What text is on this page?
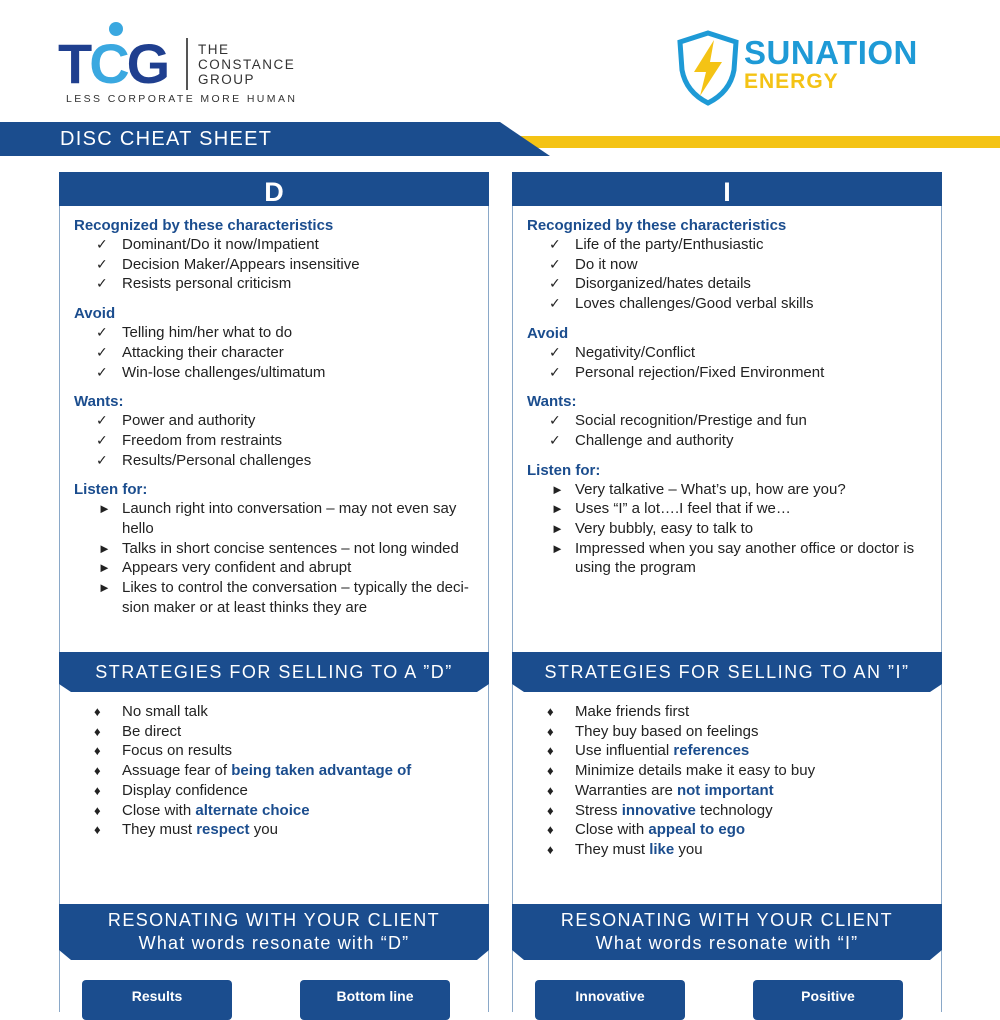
TCG THE
CONSTANCE
GROUP
LESS CORPORATE MORE HUMAN
SUNATION
ENERGY
DISC CHEAT SHEET
D
Recognized by these characteristics
✓ Dominant/Do it now/Impatient
✓ Decision Maker/Appears insensitive
✓ Resists personal criticism
Avoid
✓ Telling him/her what to do
✓ Attacking their character
✓ Win-lose challenges/ultimatum
Wants:
✓ Power and authority
✓ Freedom from restraints
✓ Results/Personal challenges
Listen for:
► Launch right into conversation – may not even say hello
► Talks in short concise sentences – not long winded
► Appears very confident and abrupt
► Likes to control the conversation – typically the deci-sion maker or at least thinks they are
STRATEGIES FOR SELLING TO A ”D”
♦ No small talk
♦ Be direct
♦ Focus on results
♦ Assuage fear of being taken advantage of
♦ Display confidence
♦ Close with alternate choice
♦ They must respect you
RESONATING WITH YOUR CLIENT
What words resonate with “D”
Results	Bottom line
I
Recognized by these characteristics
✓ Life of the party/Enthusiastic
✓ Do it now
✓ Disorganized/hates details
✓ Loves challenges/Good verbal skills
Avoid
✓ Negativity/Conflict
✓ Personal rejection/Fixed Environment
Wants:
✓ Social recognition/Prestige and fun
✓ Challenge and authority
Listen for:
► Very talkative – What’s up, how are you?
► Uses “I” a lot….I feel that if we…
► Very bubbly, easy to talk to
► Impressed when you say another office or doctor is using the program
STRATEGIES FOR SELLING TO AN ”I”
♦ Make friends first
♦ They buy based on feelings
♦ Use influential references
♦ Minimize details make it easy to buy
♦ Warranties are not important
♦ Stress innovative technology
♦ Close with appeal to ego
♦ They must like you
RESONATING WITH YOUR CLIENT
What words resonate with “I”
Innovative	Positive
